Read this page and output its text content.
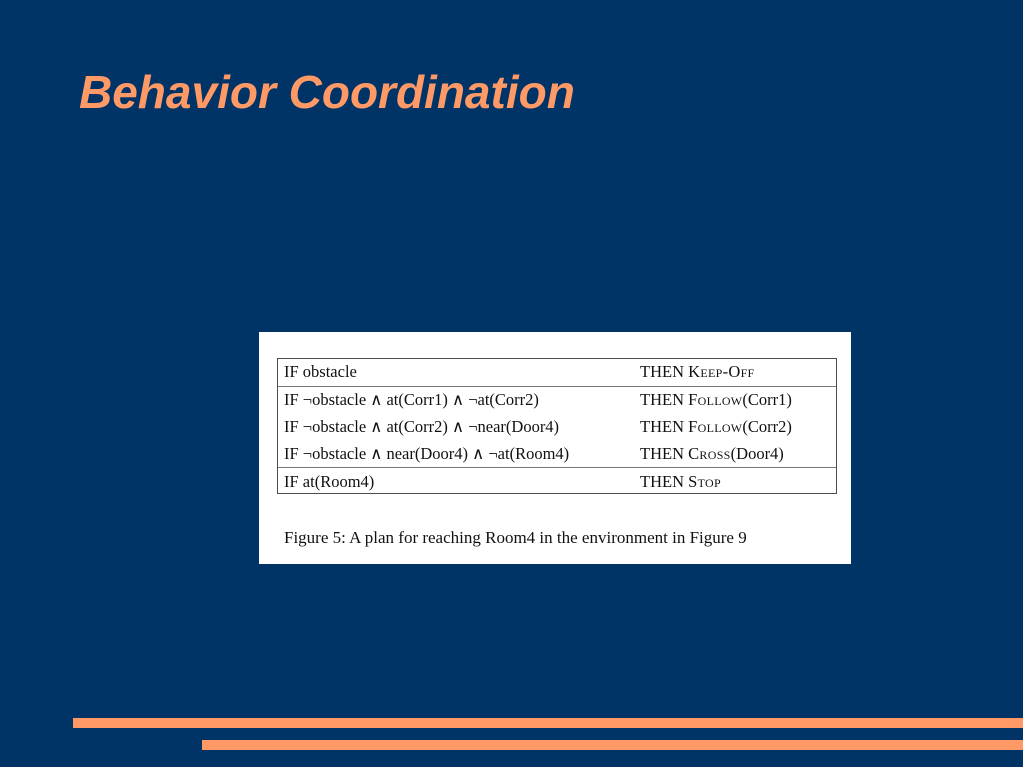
Behavior Coordination
IF obstacle	THEN Keep-Off
IF ¬obstacle ∧ at(Corr1) ∧ ¬at(Corr2)	THEN Follow(Corr1)
IF ¬obstacle ∧ at(Corr2) ∧ ¬near(Door4)	THEN Follow(Corr2)
IF ¬obstacle ∧ near(Door4) ∧ ¬at(Room4)	THEN Cross(Door4)
IF at(Room4)	THEN Stop

Figure 5: A plan for reaching Room4 in the environment in Figure 9
